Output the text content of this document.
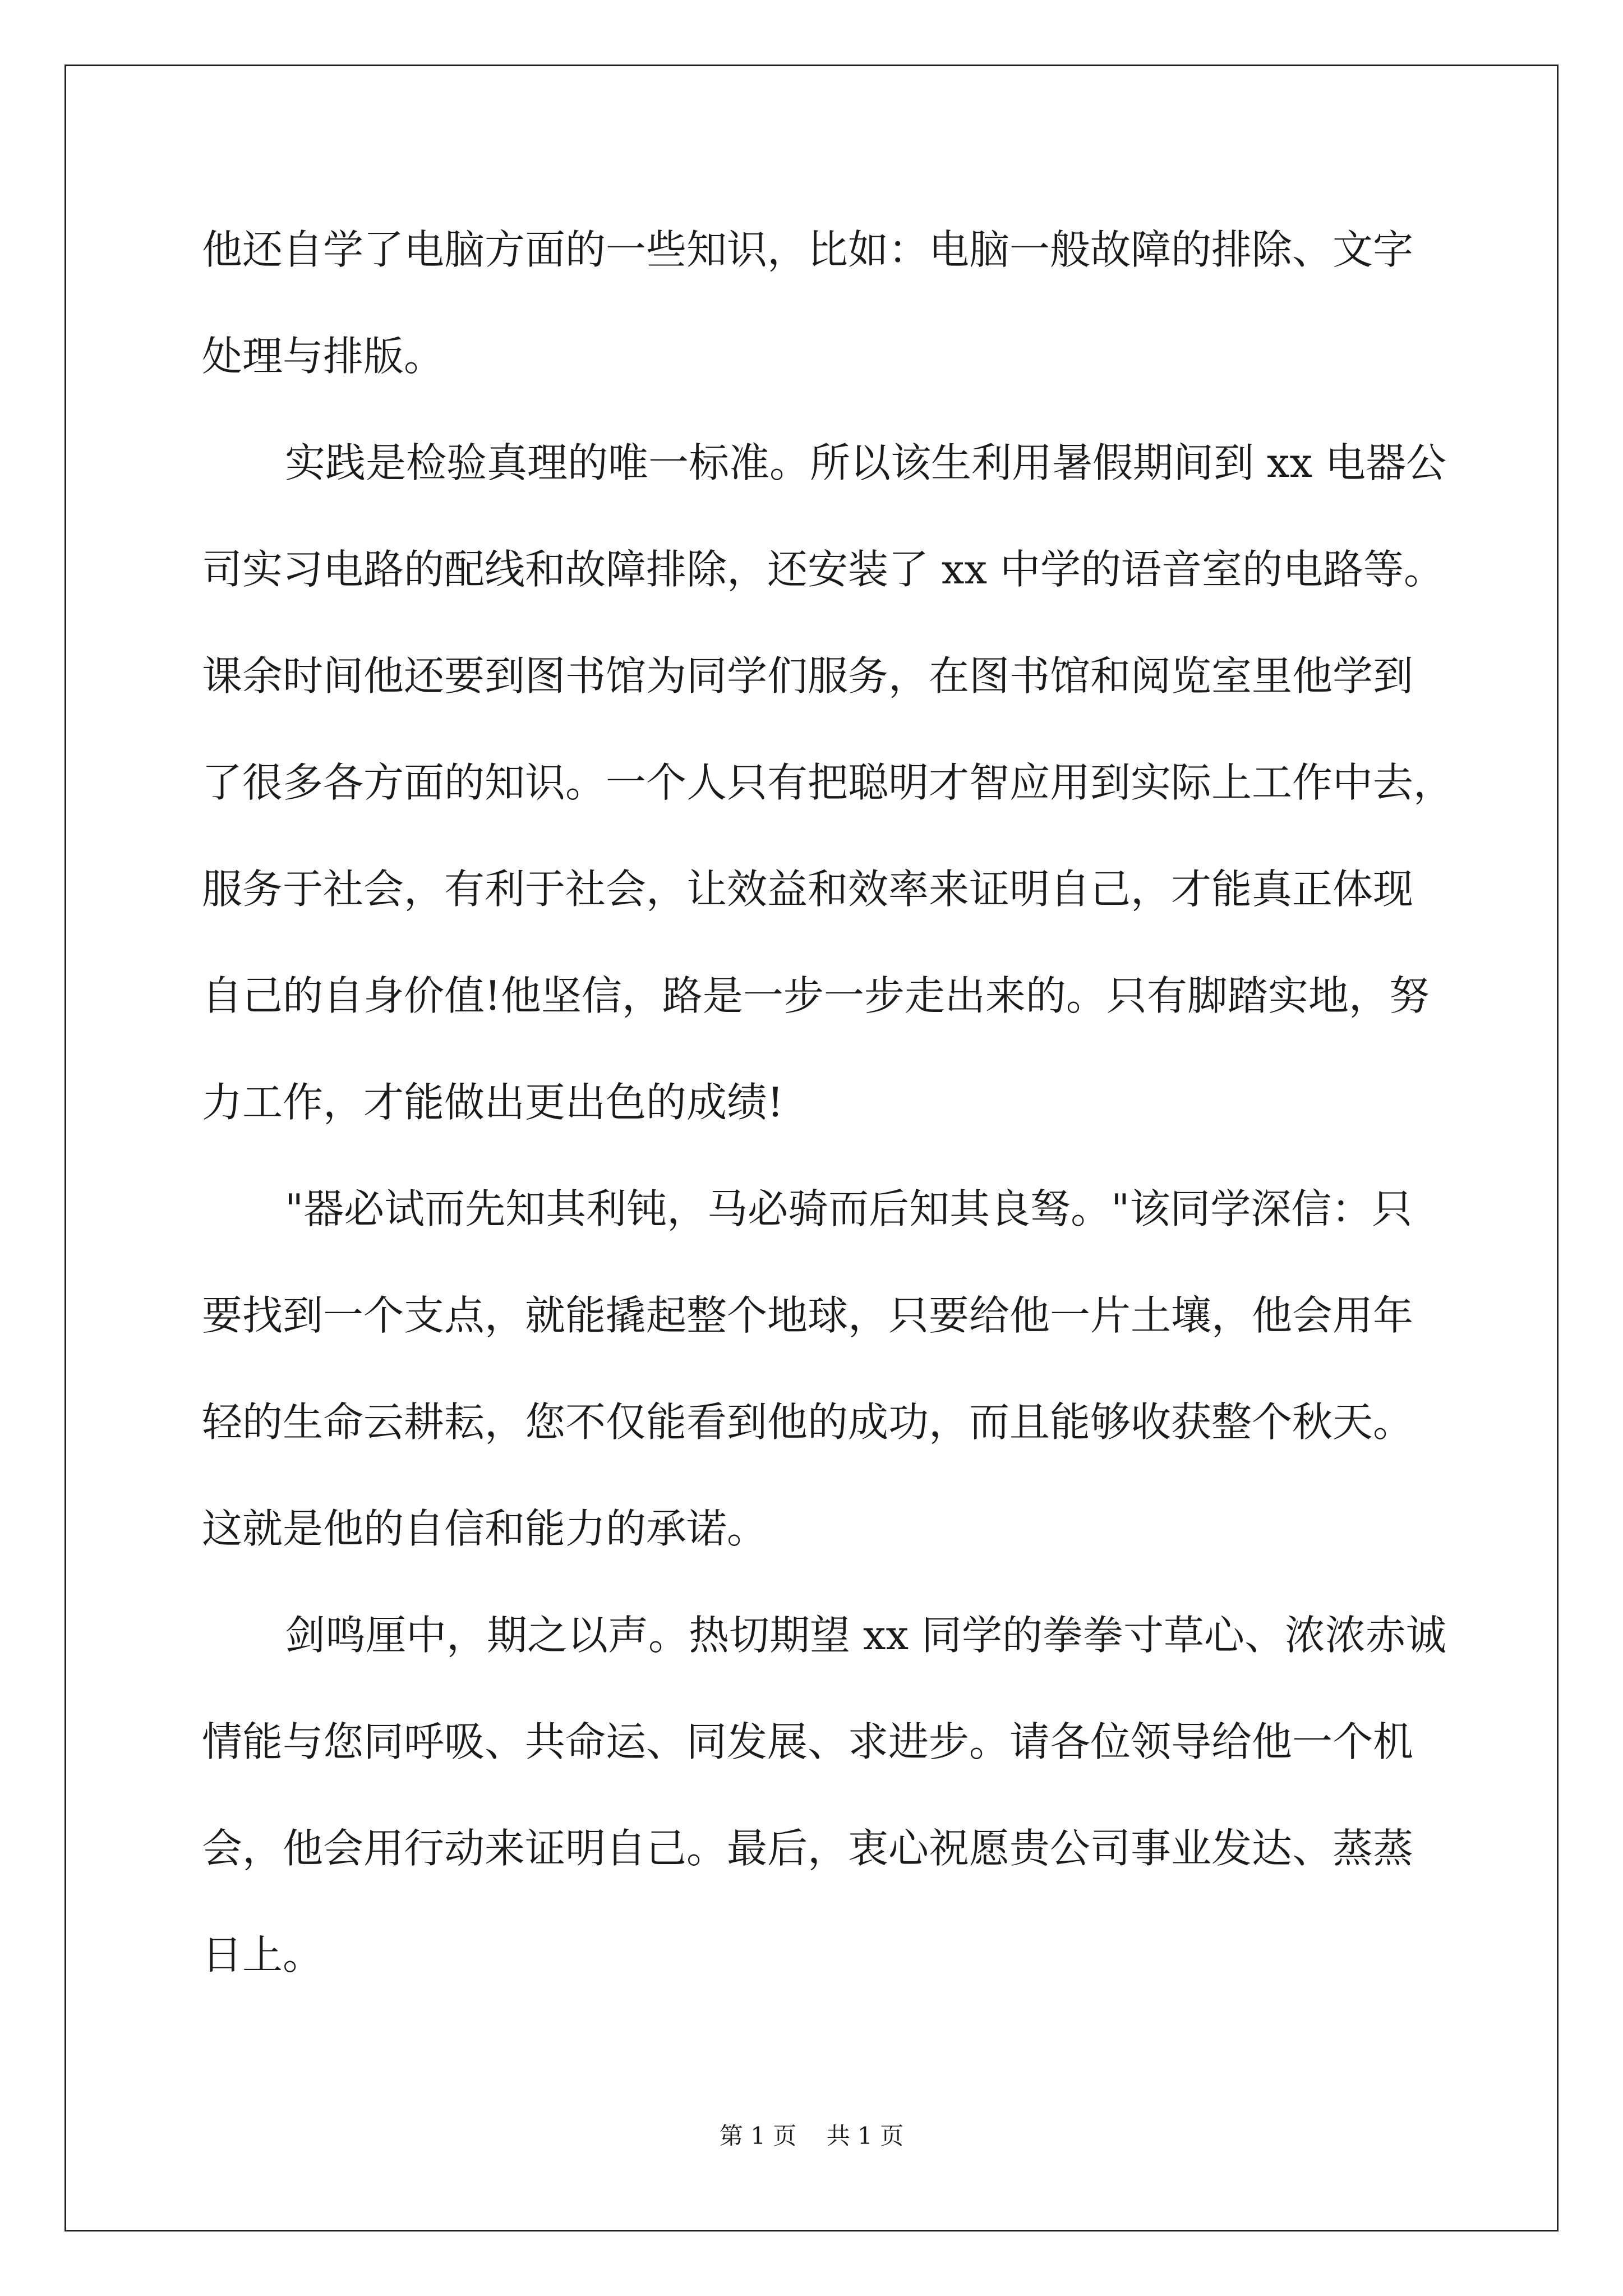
他还自学了电脑方面的一些知识，比如：电脑一般故障的排除、文字
处理与排版。
实践是检验真理的唯一标准。所以该生利用暑假期间到 xx 电器公
司实习电路的配线和故障排除，还安装了 xx 中学的语音室的电路等。
课余时间他还要到图书馆为同学们服务，在图书馆和阅览室里他学到
了很多各方面的知识。一个人只有把聪明才智应用到实际上工作中去，
服务于社会，有利于社会，让效益和效率来证明自己，才能真正体现
自己的自身价值!他坚信，路是一步一步走出来的。只有脚踏实地，努
力工作，才能做出更出色的成绩!
"器必试而先知其利钝，马必骑而后知其良驽。"该同学深信：只
要找到一个支点，就能撬起整个地球，只要给他一片土壤，他会用年
轻的生命云耕耘，您不仅能看到他的成功，而且能够收获整个秋天。
这就是他的自信和能力的承诺。
剑鸣厘中，期之以声。热切期望 xx 同学的拳拳寸草心、浓浓赤诚
情能与您同呼吸、共命运、同发展、求进步。请各位领导给他一个机
会，他会用行动来证明自己。最后，衷心祝愿贵公司事业发达、蒸蒸
日上。
第 1 页    共 1 页
